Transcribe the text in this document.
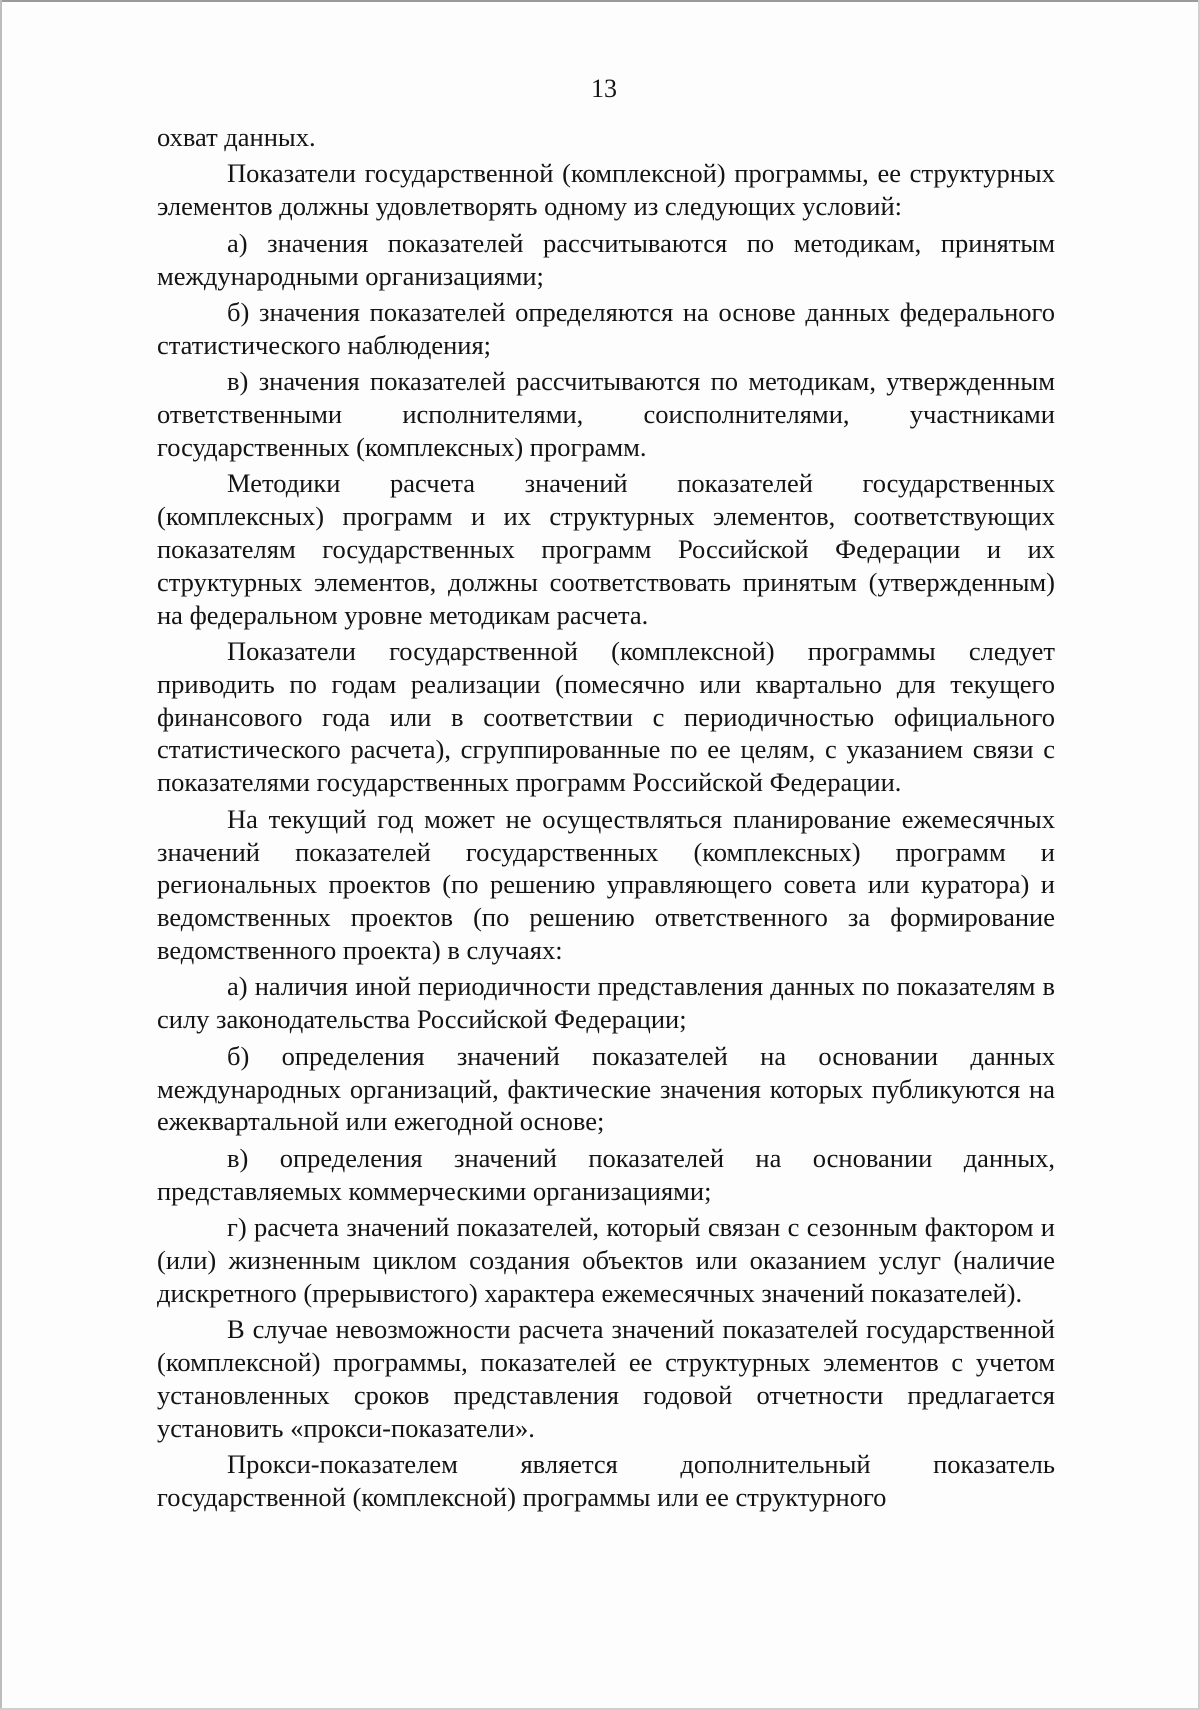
13

охват данных.

Показатели государственной (комплексной) программы, ее структурных элементов должны удовлетворять одному из следующих условий:

а) значения показателей рассчитываются по методикам, принятым международными организациями;

б) значения показателей определяются на основе данных федерального статистического наблюдения;

в) значения показателей рассчитываются по методикам, утвержденным ответственными исполнителями, соисполнителями, участниками государственных (комплексных) программ.

Методики расчета значений показателей государственных (комплексных) программ и их структурных элементов, соответствующих показателям государственных программ Российской Федерации и их структурных элементов, должны соответствовать принятым (утвержденным) на федеральном уровне методикам расчета.

Показатели государственной (комплексной) программы следует приводить по годам реализации (помесячно или квартально для текущего финансового года или в соответствии с периодичностью официального статистического расчета), сгруппированные по ее целям, с указанием связи с показателями государственных программ Российской Федерации.

На текущий год может не осуществляться планирование ежемесячных значений показателей государственных (комплексных) программ и региональных проектов (по решению управляющего совета или куратора) и ведомственных проектов (по решению ответственного за формирование ведомственного проекта) в случаях:

а) наличия иной периодичности представления данных по показателям в силу законодательства Российской Федерации;

б) определения значений показателей на основании данных международных организаций, фактические значения которых публикуются на ежеквартальной или ежегодной основе;

в) определения значений показателей на основании данных, представляемых коммерческими организациями;

г) расчета значений показателей, который связан с сезонным фактором и (или) жизненным циклом создания объектов или оказанием услуг (наличие дискретного (прерывистого) характера ежемесячных значений показателей).

В случае невозможности расчета значений показателей государственной (комплексной) программы, показателей ее структурных элементов с учетом установленных сроков представления годовой отчетности предлагается установить «прокси-показатели».

Прокси-показателем является дополнительный показатель государственной (комплексной) программы или ее структурного
